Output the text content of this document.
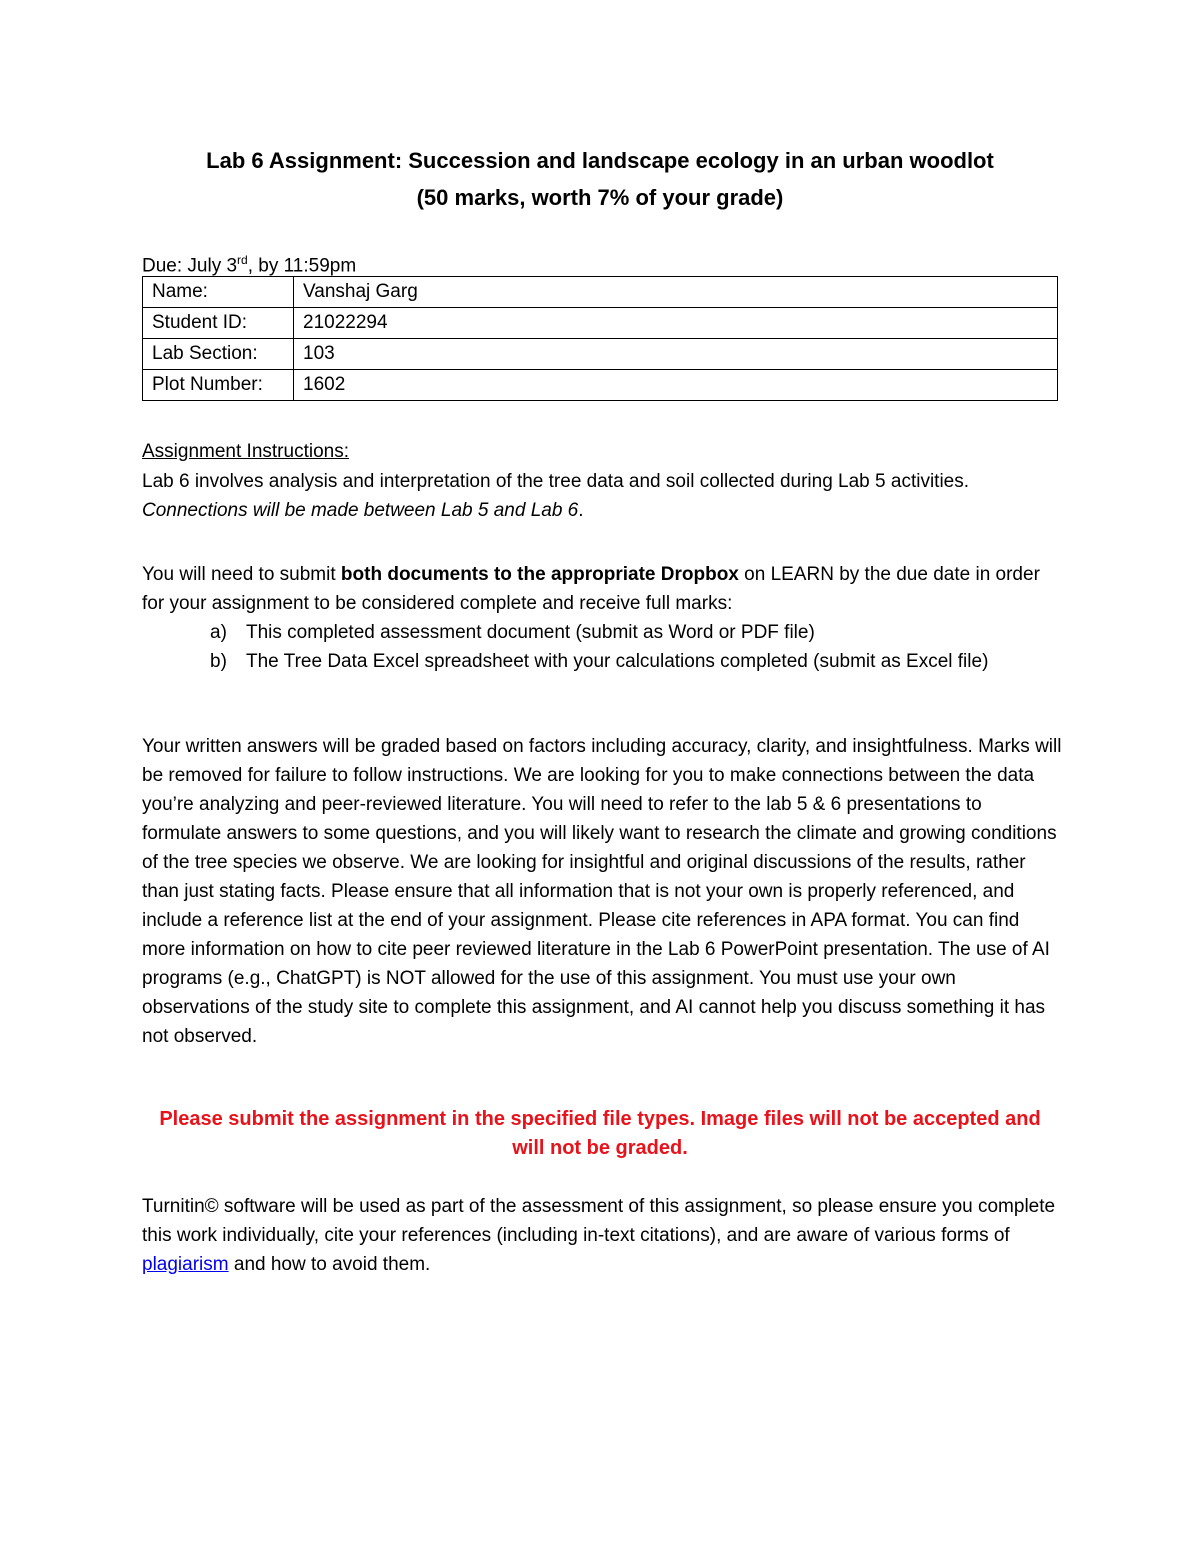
Lab 6 Assignment: Succession and landscape ecology in an urban woodlot
(50 marks, worth 7% of your grade)
Due: July 3rd, by 11:59pm
Name:	Vanshaj Garg
Student ID:	21022294
Lab Section:	103
Plot Number:	1602
Assignment Instructions:
Lab 6 involves analysis and interpretation of the tree data and soil collected during Lab 5 activities. Connections will be made between Lab 5 and Lab 6.
You will need to submit both documents to the appropriate Dropbox on LEARN by the due date in order for your assignment to be considered complete and receive full marks:
a) This completed assessment document (submit as Word or PDF file)
b) The Tree Data Excel spreadsheet with your calculations completed (submit as Excel file)
Your written answers will be graded based on factors including accuracy, clarity, and insightfulness. Marks will be removed for failure to follow instructions. We are looking for you to make connections between the data you’re analyzing and peer-reviewed literature. You will need to refer to the lab 5 & 6 presentations to formulate answers to some questions, and you will likely want to research the climate and growing conditions of the tree species we observe. We are looking for insightful and original discussions of the results, rather than just stating facts. Please ensure that all information that is not your own is properly referenced, and include a reference list at the end of your assignment. Please cite references in APA format. You can find more information on how to cite peer reviewed literature in the Lab 6 PowerPoint presentation. The use of AI programs (e.g., ChatGPT) is NOT allowed for the use of this assignment. You must use your own observations of the study site to complete this assignment, and AI cannot help you discuss something it has not observed.
Please submit the assignment in the specified file types. Image files will not be accepted and will not be graded.
Turnitin© software will be used as part of the assessment of this assignment, so please ensure you complete this work individually, cite your references (including in-text citations), and are aware of various forms of plagiarism and how to avoid them.
